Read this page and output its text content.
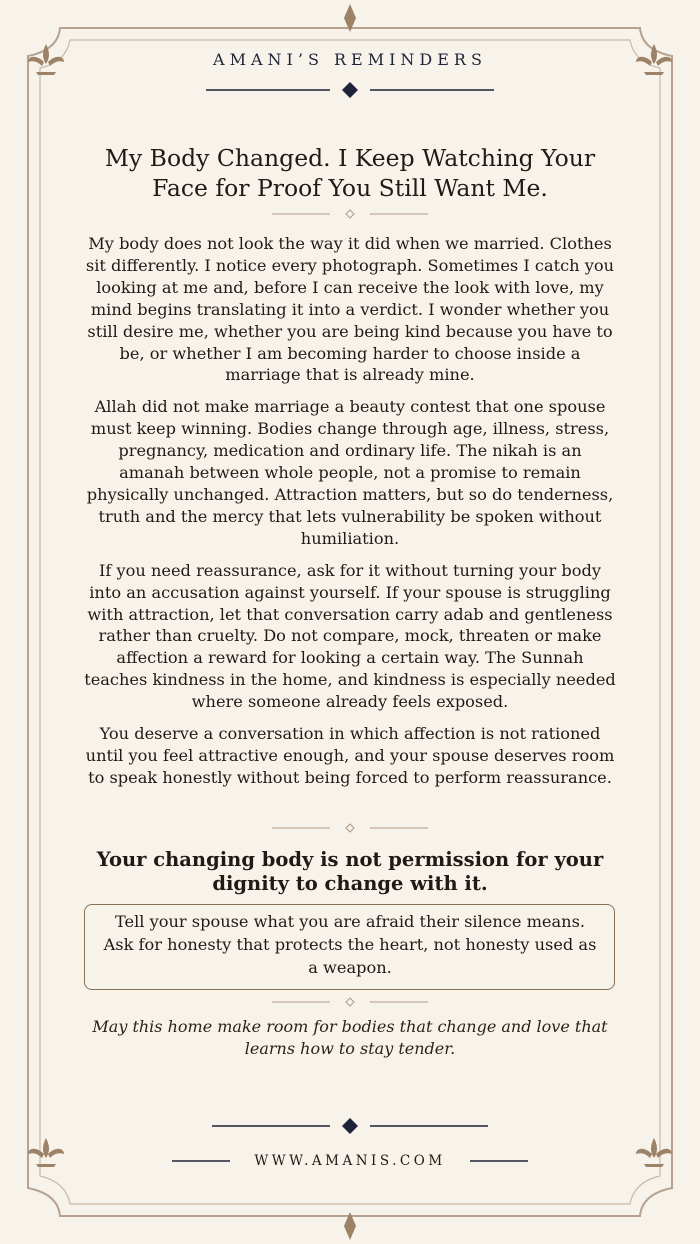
AMANI’S REMINDERS
My Body Changed. I Keep Watching Your Face for Proof You Still Want Me.

My body does not look the way it did when we married. Clothes sit differently. I notice every photograph. Sometimes I catch you looking at me and, before I can receive the look with love, my mind begins translating it into a verdict. I wonder whether you still desire me, whether you are being kind because you have to be, or whether I am becoming harder to choose inside a marriage that is already mine.

Allah did not make marriage a beauty contest that one spouse must keep winning. Bodies change through age, illness, stress, pregnancy, medication and ordinary life. The nikah is an amanah between whole people, not a promise to remain physically unchanged. Attraction matters, but so do tenderness, truth and the mercy that lets vulnerability be spoken without humiliation.

If you need reassurance, ask for it without turning your body into an accusation against yourself. If your spouse is struggling with attraction, let that conversation carry adab and gentleness rather than cruelty. Do not compare, mock, threaten or make affection a reward for looking a certain way. The Sunnah teaches kindness in the home, and kindness is especially needed where someone already feels exposed.

You deserve a conversation in which affection is not rationed until you feel attractive enough, and your spouse deserves room to speak honestly without being forced to perform reassurance.

Your changing body is not permission for your dignity to change with it.
Tell your spouse what you are afraid their silence means. Ask for honesty that protects the heart, not honesty used as a weapon.
May this home make room for bodies that change and love that learns how to stay tender.
WWW.AMANIS.COM
